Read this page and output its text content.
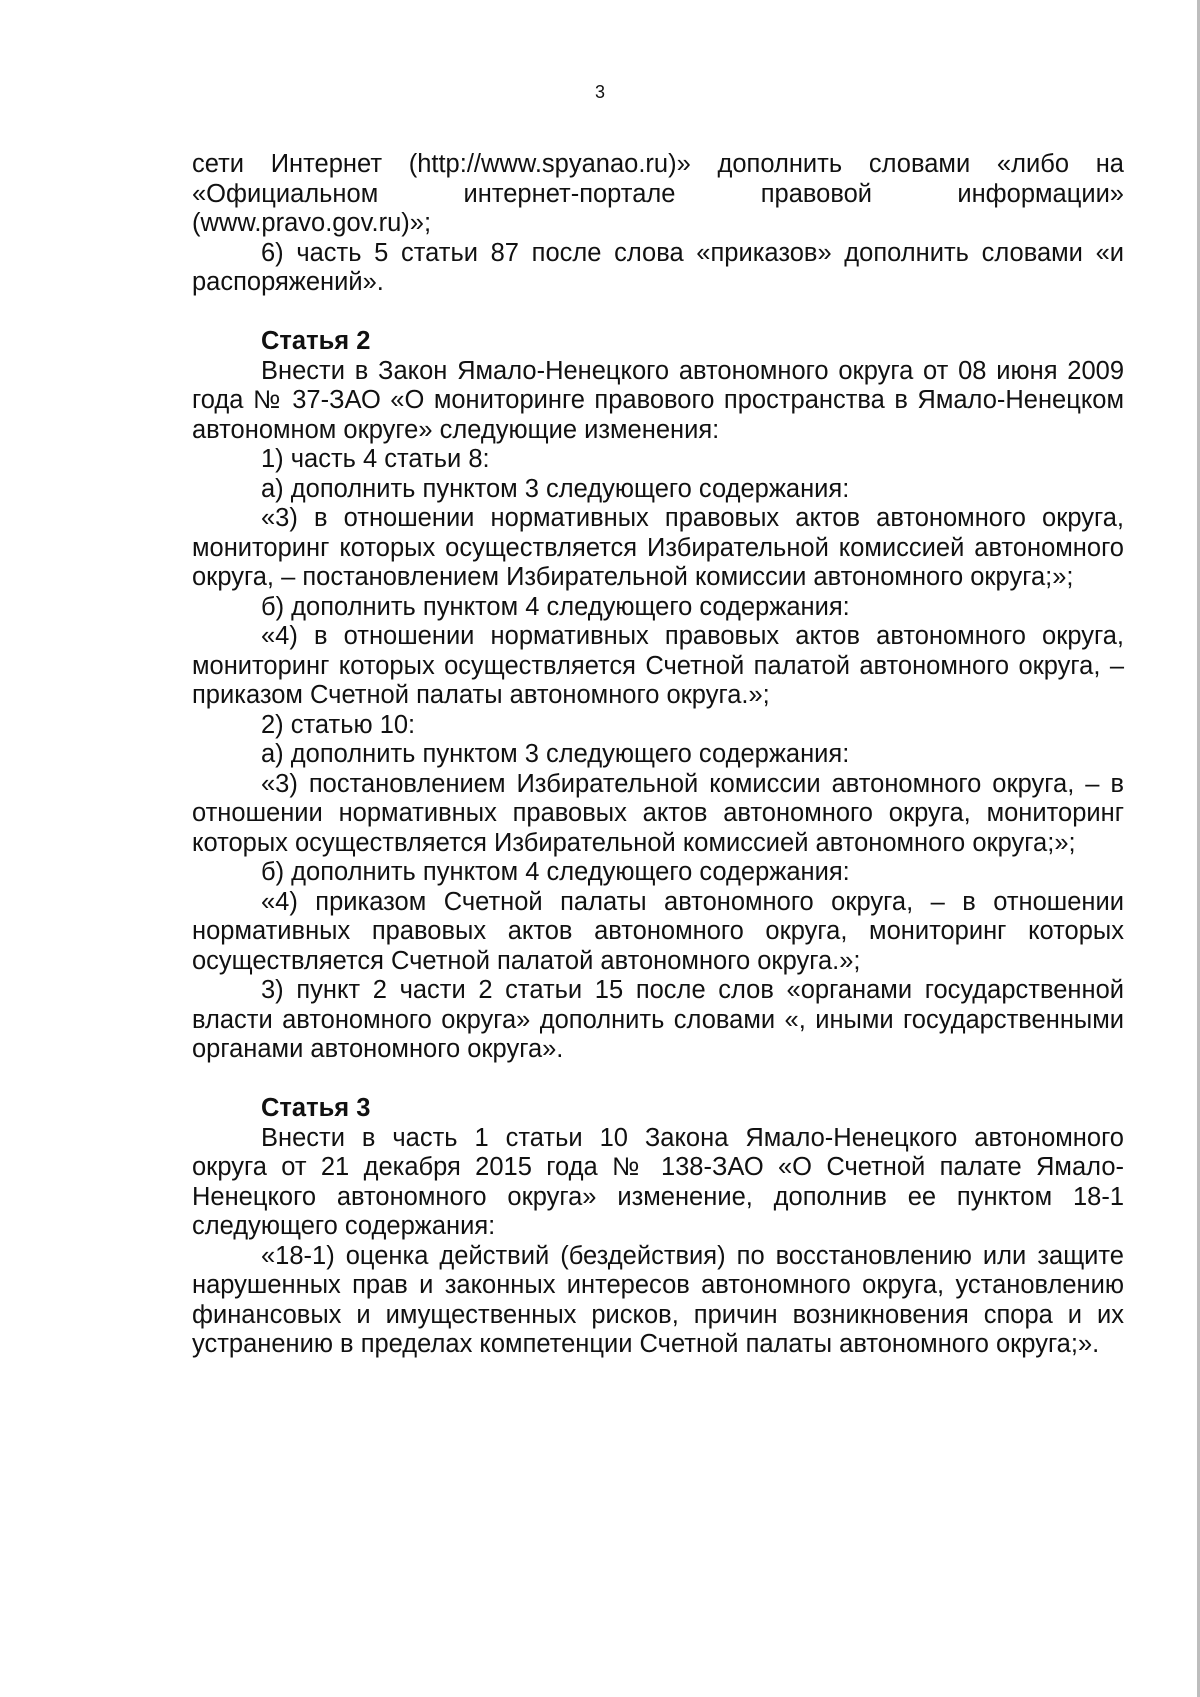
3

сети Интернет (http://www.spyanao.ru)» дополнить словами «либо на «Официальном интернет-портале правовой информации» (www.pravo.gov.ru)»;

6) часть 5 статьи 87 после слова «приказов» дополнить словами «и распоряжений».

Статья 2

Внести в Закон Ямало-Ненецкого автономного округа от 08 июня 2009 года № 37-ЗАО «О мониторинге правового пространства в Ямало-Ненецком автономном округе» следующие изменения:

1) часть 4 статьи 8:

а) дополнить пунктом 3 следующего содержания:

«3) в отношении нормативных правовых актов автономного округа, мониторинг которых осуществляется Избирательной комиссией автономного округа, – постановлением Избирательной комиссии автономного округа;»;

б) дополнить пунктом 4 следующего содержания:

«4) в отношении нормативных правовых актов автономного округа, мониторинг которых осуществляется Счетной палатой автономного округа, – приказом Счетной палаты автономного округа.»;

2) статью 10:

а) дополнить пунктом 3 следующего содержания:

«3) постановлением Избирательной комиссии автономного округа, – в отношении нормативных правовых актов автономного округа, мониторинг которых осуществляется Избирательной комиссией автономного округа;»;

б) дополнить пунктом 4 следующего содержания:

«4) приказом Счетной палаты автономного округа, – в отношении нормативных правовых актов автономного округа, мониторинг которых осуществляется Счетной палатой автономного округа.»;

3) пункт 2 части 2 статьи 15 после слов «органами государственной власти автономного округа» дополнить словами «, иными государственными органами автономного округа».

Статья 3

Внести в часть 1 статьи 10 Закона Ямало-Ненецкого автономного округа от 21 декабря 2015 года № 138-ЗАО «О Счетной палате Ямало-Ненецкого автономного округа» изменение, дополнив ее пунктом 18-1 следующего содержания:

«18-1) оценка действий (бездействия) по восстановлению или защите нарушенных прав и законных интересов автономного округа, установлению финансовых и имущественных рисков, причин возникновения спора и их устранению в пределах компетенции Счетной палаты автономного округа;».
